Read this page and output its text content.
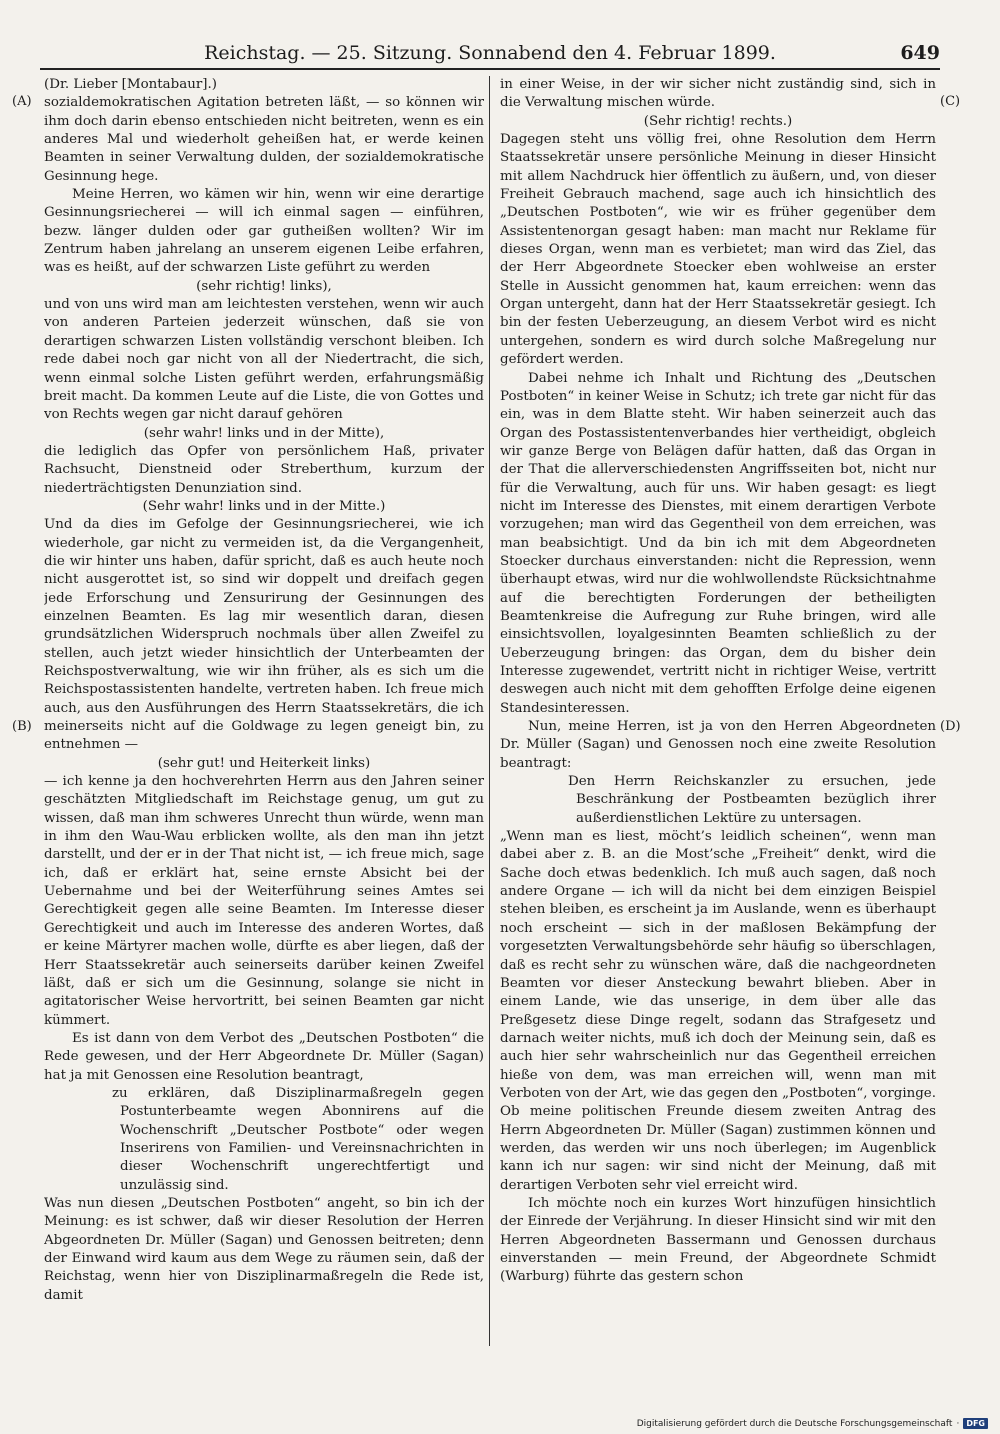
Reichstag. — 25. Sitzung. Sonnabend den 4. Februar 1899.	649
(A)
(B)
(C)
(D)

(Dr. Lieber [Montabaur].)

sozialdemokratischen Agitation betreten läßt, — so können wir ihm doch darin ebenso entschieden nicht beitreten, wenn es ein anderes Mal und wiederholt geheißen hat, er werde keinen Beamten in seiner Verwaltung dulden, der sozialdemokratische Gesinnung hege.

Meine Herren, wo kämen wir hin, wenn wir eine derartige Gesinnungsriecherei — will ich einmal sagen — einführen, bezw. länger dulden oder gar gutheißen wollten? Wir im Zentrum haben jahrelang an unserem eigenen Leibe erfahren, was es heißt, auf der schwarzen Liste geführt zu werden

(sehr richtig! links),

und von uns wird man am leichtesten verstehen, wenn wir auch von anderen Parteien jederzeit wünschen, daß sie von derartigen schwarzen Listen vollständig verschont bleiben. Ich rede dabei noch gar nicht von all der Niedertracht, die sich, wenn einmal solche Listen geführt werden, erfahrungsmäßig breit macht. Da kommen Leute auf die Liste, die von Gottes und von Rechts wegen gar nicht darauf gehören

(sehr wahr! links und in der Mitte),

die lediglich das Opfer von persönlichem Haß, privater Rachsucht, Dienstneid oder Streberthum, kurzum der niederträchtigsten Denunziation sind.

(Sehr wahr! links und in der Mitte.)

Und da dies im Gefolge der Gesinnungsriecherei, wie ich wiederhole, gar nicht zu vermeiden ist, da die Vergangenheit, die wir hinter uns haben, dafür spricht, daß es auch heute noch nicht ausgerottet ist, so sind wir doppelt und dreifach gegen jede Erforschung und Zensurirung der Gesinnungen des einzelnen Beamten. Es lag mir wesentlich daran, diesen grundsätzlichen Widerspruch nochmals über allen Zweifel zu stellen, auch jetzt wieder hinsichtlich der Unterbeamten der Reichspostverwaltung, wie wir ihn früher, als es sich um die Reichspostassistenten handelte, vertreten haben. Ich freue mich auch, aus den Ausführungen des Herrn Staatssekretärs, die ich meinerseits nicht auf die Goldwage zu legen geneigt bin, zu entnehmen —

(sehr gut! und Heiterkeit links)

— ich kenne ja den hochverehrten Herrn aus den Jahren seiner geschätzten Mitgliedschaft im Reichstage genug, um gut zu wissen, daß man ihm schweres Unrecht thun würde, wenn man in ihm den Wau-Wau erblicken wollte, als den man ihn jetzt darstellt, und der er in der That nicht ist, — ich freue mich, sage ich, daß er erklärt hat, seine ernste Absicht bei der Uebernahme und bei der Weiterführung seines Amtes sei Gerechtigkeit gegen alle seine Beamten. Im Interesse dieser Gerechtigkeit und auch im Interesse des anderen Wortes, daß er keine Märtyrer machen wolle, dürfte es aber liegen, daß der Herr Staatssekretär auch seinerseits darüber keinen Zweifel läßt, daß er sich um die Gesinnung, solange sie nicht in agitatorischer Weise hervortritt, bei seinen Beamten gar nicht kümmert.

Es ist dann von dem Verbot des „Deutschen Postboten“ die Rede gewesen, und der Herr Abgeordnete Dr. Müller (Sagan) hat ja mit Genossen eine Resolution beantragt,

zu erklären, daß Disziplinarmaßregeln gegen Postunterbeamte wegen Abonnirens auf die Wochenschrift „Deutscher Postbote“ oder wegen Inserirens von Familien- und Vereinsnachrichten in dieser Wochenschrift ungerechtfertigt und unzulässig sind.

Was nun diesen „Deutschen Postboten“ angeht, so bin ich der Meinung: es ist schwer, daß wir dieser Resolution der Herren Abgeordneten Dr. Müller (Sagan) und Genossen beitreten; denn der Einwand wird kaum aus dem Wege zu räumen sein, daß der Reichstag, wenn hier von Disziplinarmaßregeln die Rede ist, damit

in einer Weise, in der wir sicher nicht zuständig sind, sich in die Verwaltung mischen würde.

(Sehr richtig! rechts.)

Dagegen steht uns völlig frei, ohne Resolution dem Herrn Staatssekretär unsere persönliche Meinung in dieser Hinsicht mit allem Nachdruck hier öffentlich zu äußern, und, von dieser Freiheit Gebrauch machend, sage auch ich hinsichtlich des „Deutschen Postboten“, wie wir es früher gegenüber dem Assistentenorgan gesagt haben: man macht nur Reklame für dieses Organ, wenn man es verbietet; man wird das Ziel, das der Herr Abgeordnete Stoecker eben wohlweise an erster Stelle in Aussicht genommen hat, kaum erreichen: wenn das Organ untergeht, dann hat der Herr Staatssekretär gesiegt. Ich bin der festen Ueberzeugung, an diesem Verbot wird es nicht untergehen, sondern es wird durch solche Maßregelung nur gefördert werden.

Dabei nehme ich Inhalt und Richtung des „Deutschen Postboten“ in keiner Weise in Schutz; ich trete gar nicht für das ein, was in dem Blatte steht. Wir haben seinerzeit auch das Organ des Postassistentenverbandes hier vertheidigt, obgleich wir ganze Berge von Belägen dafür hatten, daß das Organ in der That die allerverschiedensten Angriffsseiten bot, nicht nur für die Verwaltung, auch für uns. Wir haben gesagt: es liegt nicht im Interesse des Dienstes, mit einem derartigen Verbote vorzugehen; man wird das Gegentheil von dem erreichen, was man beabsichtigt. Und da bin ich mit dem Abgeordneten Stoecker durchaus einverstanden: nicht die Repression, wenn überhaupt etwas, wird nur die wohlwollendste Rücksichtnahme auf die berechtigten Forderungen der betheiligten Beamtenkreise die Aufregung zur Ruhe bringen, wird alle einsichtsvollen, loyalgesinnten Beamten schließlich zu der Ueberzeugung bringen: das Organ, dem du bisher dein Interesse zugewendet, vertritt nicht in richtiger Weise, vertritt deswegen auch nicht mit dem gehofften Erfolge deine eigenen Standesinteressen.

Nun, meine Herren, ist ja von den Herren Abgeordneten Dr. Müller (Sagan) und Genossen noch eine zweite Resolution beantragt:

Den Herrn Reichskanzler zu ersuchen, jede Beschränkung der Postbeamten bezüglich ihrer außerdienstlichen Lektüre zu untersagen.

„Wenn man es liest, möcht’s leidlich scheinen“, wenn man dabei aber z. B. an die Most’sche „Freiheit“ denkt, wird die Sache doch etwas bedenklich. Ich muß auch sagen, daß noch andere Organe — ich will da nicht bei dem einzigen Beispiel stehen bleiben, es erscheint ja im Auslande, wenn es überhaupt noch erscheint — sich in der maßlosen Bekämpfung der vorgesetzten Verwaltungsbehörde sehr häufig so überschlagen, daß es recht sehr zu wünschen wäre, daß die nachgeordneten Beamten vor dieser Ansteckung bewahrt blieben. Aber in einem Lande, wie das unserige, in dem über alle das Preßgesetz diese Dinge regelt, sodann das Strafgesetz und darnach weiter nichts, muß ich doch der Meinung sein, daß es auch hier sehr wahrscheinlich nur das Gegentheil erreichen hieße von dem, was man erreichen will, wenn man mit Verboten von der Art, wie das gegen den „Postboten“, vorginge. Ob meine politischen Freunde diesem zweiten Antrag des Herrn Abgeordneten Dr. Müller (Sagan) zustimmen können und werden, das werden wir uns noch überlegen; im Augenblick kann ich nur sagen: wir sind nicht der Meinung, daß mit derartigen Verboten sehr viel erreicht wird.

Ich möchte noch ein kurzes Wort hinzufügen hinsichtlich der Einrede der Verjährung. In dieser Hinsicht sind wir mit den Herren Abgeordneten Bassermann und Genossen durchaus einverstanden — mein Freund, der Abgeordnete Schmidt (Warburg) führte das gestern schon

Digitalisierung gefördert durch die Deutsche Forschungsgemeinschaft · DFG
